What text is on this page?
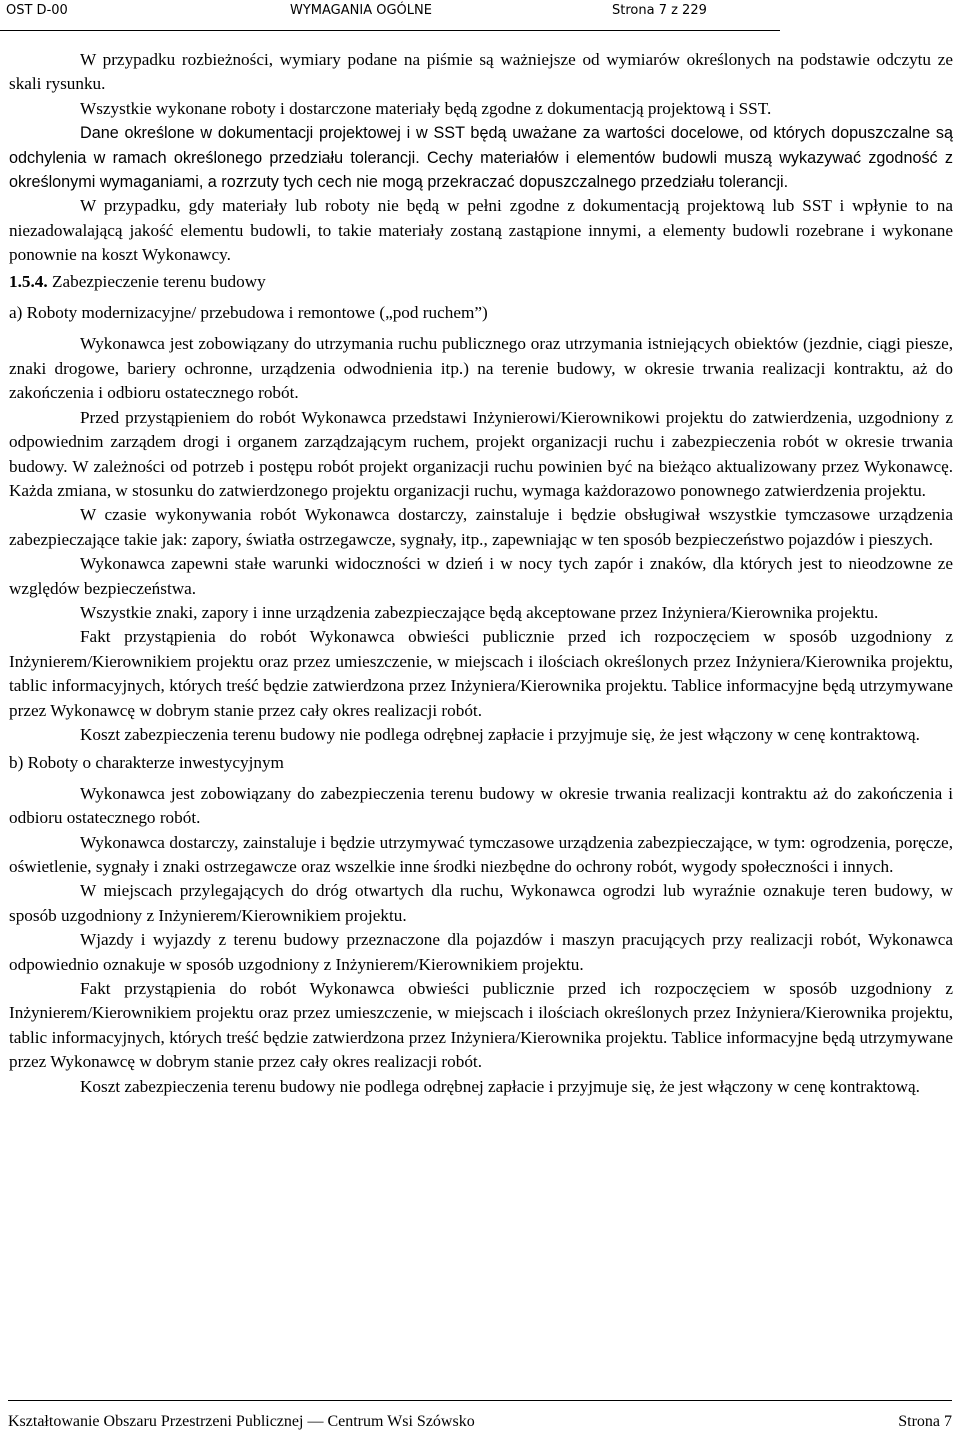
OST D-00	WYMAGANIA OGÓLNE	Strona 7 z 229

W przypadku rozbieżności, wymiary podane na piśmie są ważniejsze od wymiarów określonych na podstawie odczytu ze skali rysunku.

Wszystkie wykonane roboty i dostarczone materiały będą zgodne z dokumentacją projektową i SST.

Dane określone w dokumentacji projektowej i w SST będą uważane za wartości docelowe, od których dopuszczalne są odchylenia w ramach określonego przedziału tolerancji. Cechy materiałów i elementów budowli muszą wykazywać zgodność z określonymi wymaganiami, a rozrzuty tych cech nie mogą przekraczać dopuszczalnego przedziału tolerancji.

W przypadku, gdy materiały lub roboty nie będą w pełni zgodne z dokumentacją projektową lub SST i wpłynie to na niezadowalającą jakość elementu budowli, to takie materiały zostaną zastąpione innymi, a elementy budowli rozebrane i wykonane ponownie na koszt Wykonawcy.

1.5.4. Zabezpieczenie terenu budowy

a) Roboty modernizacyjne/ przebudowa i remontowe („pod ruchem”)

Wykonawca jest zobowiązany do utrzymania ruchu publicznego oraz utrzymania istniejących obiektów (jezdnie, ciągi piesze, znaki drogowe, bariery ochronne, urządzenia odwodnienia itp.) na terenie budowy, w okresie trwania realizacji kontraktu, aż do zakończenia i odbioru ostatecznego robót.

Przed przystąpieniem do robót Wykonawca przedstawi Inżynierowi/Kierownikowi projektu do zatwierdzenia, uzgodniony z odpowiednim zarządem drogi i organem zarządzającym ruchem, projekt organizacji ruchu i zabezpieczenia robót w okresie trwania budowy. W zależności od potrzeb i postępu robót projekt organizacji ruchu powinien być na bieżąco aktualizowany przez Wykonawcę. Każda zmiana, w stosunku do zatwierdzonego projektu organizacji ruchu, wymaga każdorazowo ponownego zatwierdzenia projektu.

W czasie wykonywania robót Wykonawca dostarczy, zainstaluje i będzie obsługiwał wszystkie tymczasowe urządzenia zabezpieczające takie jak: zapory, światła ostrzegawcze, sygnały, itp., zapewniając w ten sposób bezpieczeństwo pojazdów i pieszych.

Wykonawca zapewni stałe warunki widoczności w dzień i w nocy tych zapór i znaków, dla których jest to nieodzowne ze względów bezpieczeństwa.

Wszystkie znaki, zapory i inne urządzenia zabezpieczające będą akceptowane przez Inżyniera/Kierownika projektu.

Fakt przystąpienia do robót Wykonawca obwieści publicznie przed ich rozpoczęciem w sposób uzgodniony z Inżynierem/Kierownikiem projektu oraz przez umieszczenie, w miejscach i ilościach określonych przez Inżyniera/Kierownika projektu, tablic informacyjnych, których treść będzie zatwierdzona przez Inżyniera/Kierownika projektu. Tablice informacyjne będą utrzymywane przez Wykonawcę w dobrym stanie przez cały okres realizacji robót.

Koszt zabezpieczenia terenu budowy nie podlega odrębnej zapłacie i przyjmuje się, że jest włączony w cenę kontraktową.

b) Roboty o charakterze inwestycyjnym

Wykonawca jest zobowiązany do zabezpieczenia terenu budowy w okresie trwania realizacji kontraktu aż do zakończenia i odbioru ostatecznego robót.

Wykonawca dostarczy, zainstaluje i będzie utrzymywać tymczasowe urządzenia zabezpieczające, w tym: ogrodzenia, poręcze, oświetlenie, sygnały i znaki ostrzegawcze oraz wszelkie inne środki niezbędne do ochrony robót, wygody społeczności i innych.

W miejscach przylegających do dróg otwartych dla ruchu, Wykonawca ogrodzi lub wyraźnie oznakuje teren budowy, w sposób uzgodniony z Inżynierem/Kierownikiem projektu.

Wjazdy i wyjazdy z terenu budowy przeznaczone dla pojazdów i maszyn pracujących przy realizacji robót, Wykonawca odpowiednio oznakuje w sposób uzgodniony z Inżynierem/Kierownikiem projektu.

Fakt przystąpienia do robót Wykonawca obwieści publicznie przed ich rozpoczęciem w sposób uzgodniony z Inżynierem/Kierownikiem projektu oraz przez umieszczenie, w miejscach i ilościach określonych przez Inżyniera/Kierownika projektu, tablic informacyjnych, których treść będzie zatwierdzona przez Inżyniera/Kierownika projektu. Tablice informacyjne będą utrzymywane przez Wykonawcę w dobrym stanie przez cały okres realizacji robót.

Koszt zabezpieczenia terenu budowy nie podlega odrębnej zapłacie i przyjmuje się, że jest włączony w cenę kontraktową.

Kształtowanie Obszaru Przestrzeni Publicznej — Centrum Wsi Szówsko	Strona 7
